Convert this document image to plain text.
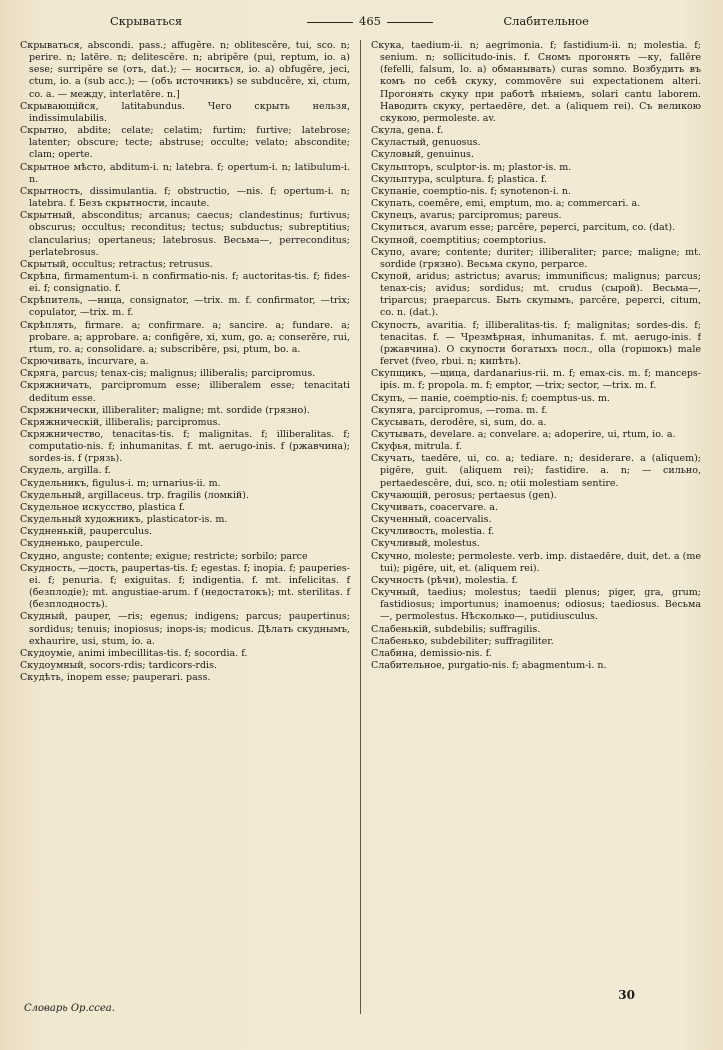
Скрываться	465	Слабительное

Скрываться, abscondi. pass.; affugĕre. n; oblitescĕre, tui, sco. n; perire. n; latēre. n; delitescĕre. n; abripĕre (pui, reptum, io. a) sese; surripĕre se (отъ, dat.); — носиться, io. a) obfugĕre, jeci, ctum, io. a (sub acc.); — (объ источникъ) se subducĕre, xi, ctum, co. a. — между, interlatēre. n.]

Скрывающійся, latitabundus. Чего скрыть нельзя, indissimulabilis.

Скрытно, abdite; celate; celatim; furtim; furtive; latebrose; latenter; obscure; tecte; abstruse; occulte; velato; abscondite; clam; operte.

Скрытное мѣсто, abditum-i. n; latebra. f; opertum-i. n; latibulum-i. n.

Скрытность, dissimulantia. f; obstructio, —nis. f; opertum-i. n; latebra. f. Безъ скрытности, incaute.

Скрытный, absconditus; arcanus; caecus; clandestinus; furtivus; obscurus; occultus; reconditus; tectus; subductus; subreptitius; clancularius; opertaneus; latebrosus. Весьма—, perreconditus; perlatebrosus.

Скрытый, occultus; retractus; retrusus.

Скрѣпа, firmamentum-i. n confirmatio-nis. f; auctoritas-tis. f; fides-ei. f; consignatio. f.

Скрѣпитель, —ница, consignator, —trix. m. f. confirmator, —trix; copulator, —trix. m. f.

Скрѣплять, firmare. a; confirmare. a; sancire. a; fundare. a; probare. a; approbare. a; configĕre, xi, xum, go. a; conserĕre, rui, rtum, ro. a; consolidare. a; subscribĕre, psi, ptum, bo. a.

Скрючивать, incurvare, a.

Скряга, parcus; tenax-cis; malignus; illiberalis; parcipromus.

Скряжничать, parcipromum esse; illiberalem esse; tenacitati deditum esse.

Скряжнически, illiberaliter; maligne; mt. sordide (грязно).

Скряжническій, illiberalis; parcipromus.

Скряжничество, tenacitas-tis. f; malignitas. f; illiberalitas. f; computatio-nis. f; inhumanitas. f. mt. aerugo-inis. f (ржавчина); sordes-is. f (грязь).

Скудель, argilla. f.

Скудельникъ, figulus-i. m; urnarius-ii. m.

Скудельный, argillaceus. trp. fragilis (ломкій).

Скудельное искусство, plastica f.

Скудельный художникъ, plasticator-is. m.

Скудненькій, pauperculus.

Скудненько, paupercule.

Скудно, anguste; contente; exigue; restricte; sorbilo; parce

Скудность, —дость, paupertas-tis. f; egestas. f; inopia. f; pauperies-ei. f; penuria. f; exiguitas. f; indigentia. f. mt. infelicitas. f (безплодіе); mt. angustiae-arum. f (недостатокъ); mt. sterilitas. f (безплодность).

Скудный, pauper, —ris; egenus; indigens; parcus; paupertinus; sordidus; tenuis; inopiosus; inops-is; modicus. Дѣлать скуднымъ, exhaurire, usi, stum, io. a.

Скудоуміе, animi imbecillitas-tis. f; socordia. f.

Скудоумный, socors-rdis; tardicors-rdis.

Скудѣть, inopem esse; pauperari. pass.

Скука, taedium-ii. n; aegrimonia. f; fastidium-ii. n; molestia. f; senium. n; sollicitudo-inis. f. Сномъ прогонять —ку, fallĕre (fefelli, falsum, lo. a) обманывать) curas somno. Возбудить въ комъ по себѣ скуку, commovēre sui expectationem alteri. Прогонять скуку при работѣ пѣніемъ, solari cantu laborem. Наводить скуку, pertaedēre, det. a (aliquem rei). Съ великою скукою, permoleste. av.

Скула, gena. f.

Скуластый, genuosus.

Скуловый, genuinus.

Скульпторъ, sculptor-is. m; plastor-is. m.

Скульптура, sculptura. f; plastica. f.

Скупаніе, coemptio-nis. f; synotenon-i. n.

Скупать, coemĕre, emi, emptum, mo. a; commercari. a.

Скупецъ, avarus; parcipromus; pareus.

Скупиться, avarum esse; parcĕre, peperci, parcitum, co. (dat).

Скупной, coemptitius; coemptorius.

Скупо, avare; contente; duriter; illiberaliter; parce; maligne; mt. sordide (грязно). Весьма скупо, perparce.

Скупой, aridus; astrictus; avarus; immunificus; malignus; parcus; tenax-cis; avidus; sordidus; mt. crudus (сырой). Весьма—, triparcus; praeparcus. Быть скупымъ, parcĕre, peperci, citum, co. n. (dat.).

Скупость, avaritia. f; illiberalitas-tis. f; malignitas; sordes-dis. f; tenacitas. f. — Чрезмѣрная, inhumanitas. f. mt. aerugo-inis. f (ржавчина). О скупости богатыхъ посл., olla (горшокъ) male fervet (fveo, rbui. n; кипѣть).

Скупщикъ, —щица, dardanarius-rii. m. f; emax-cis. m. f; manceps-ipis. m. f; propola. m. f; emptor, —trix; sector, —trix. m. f.

Скупъ, — паніе, coemptio-nis. f; coemptus-us. m.

Скупяга, parcipromus, —roma. m. f.

Скусывать, derodĕre, si, sum, do. a.

Скутывать, develare. a; convelare. a; adoperire, ui, rtum, io. a.

Скуфья, mitrula. f.

Скучать, taedēre, ui, co. a; tediare. n; desiderare. a (aliquem); pigēre, guit. (aliquem rei); fastidire. a. n; — сильно, pertaedescĕre, dui, sco. n; otii molestiam sentire.

Скучающій, perosus; pertaesus (gen).

Скучивать, coacervare. a.

Скученный, coacervalis.

Скучливость, molestia. f.

Скучливый, molestus.

Скучно, moleste; permoleste. verb. imp. distaedēre, duit, det. a (me tui); pigēre, uit, et. (aliquem rei).

Скучность (рѣчи), molestia. f.

Скучный, taedius; molestus; taedii plenus; piger, gra, grum; fastidiosus; importunus; inamoenus; odiosus; taediosus. Весьма—, permolestus. Нѣсколько—, putidiusculus.

Слабенькій, subdebilis; suffragilis.

Слабенько, subdebiliter; suffragiliter.

Слабина, demissio-nis. f.

Слабительное, purgatio-nis. f; abagmentum-i. n.

30
Словарь Оp.ссеa.
